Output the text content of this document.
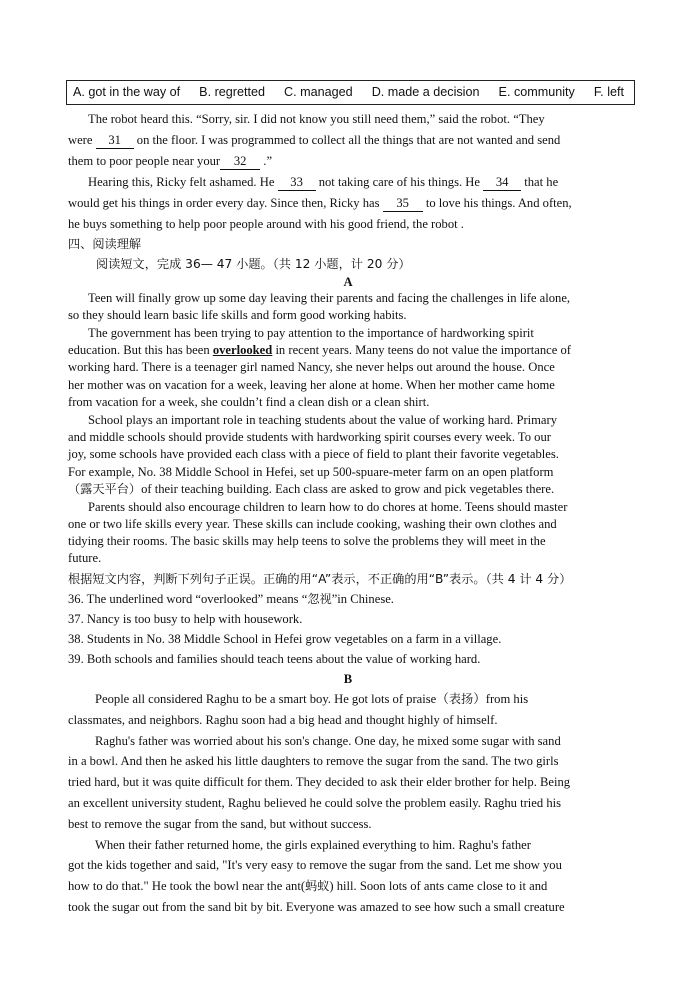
A. got in the way of B. regretted C. managed D. made a decision E. community F. left
The robot heard this. “Sorry, sir. I did not know you still need them,” said the robot. “They
were 31 on the floor. I was programmed to collect all the things that are not wanted and send
them to poor people near your 32 .”
Hearing this, Ricky felt ashamed. He 33 not taking care of his things. He 34 that he
would get his things in order every day. Since then, Ricky has 35 to love his things. And often,
he buys something to help poor people around with his good friend, the robot .
四、阅读理解
阅读短文，完成 36— 47 小题。（共 12 小题，计 20 分）
A
Teen will finally grow up some day leaving their parents and facing the challenges in life alone,
so they should learn basic life skills and form good working habits.
The government has been trying to pay attention to the importance of hardworking spirit
education. But this has been overlooked in recent years. Many teens do not value the importance of
working hard. There is a teenager girl named Nancy, she never helps out around the house. Once
her mother was on vacation for a week, leaving her alone at home. When her mother came home
from vacation for a week, she couldn’t find a clean dish or a clean shirt.
School plays an important role in teaching students about the value of working hard. Primary
and middle schools should provide students with hardworking spirit courses every week. To our
joy, some schools have provided each class with a piece of field to plant their favorite vegetables.
For example, No. 38 Middle School in Hefei, set up 500-spuare-meter farm on an open platform
（露天平台）of their teaching building. Each class are asked to grow and pick vegetables there.
Parents should also encourage children to learn how to do chores at home. Teens should master
one or two life skills every year. These skills can include cooking, washing their own clothes and
tidying their rooms. The basic skills may help teens to solve the problems they will meet in the
future.
根据短文内容，判断下列句子正误。正确的用“A”表示，不正确的用“B”表示。（共 4 计 4 分）
36. The underlined word “overlooked” means “忽视”in Chinese.
37. Nancy is too busy to help with housework.
38. Students in No. 38 Middle School in Hefei grow vegetables on a farm in a village.
39. Both schools and families should teach teens about the value of working hard.
B
People all considered Raghu to be a smart boy. He got lots of praise（表扬）from his
classmates, and neighbors. Raghu soon had a big head and thought highly of himself.
Raghu's father was worried about his son's change. One day, he mixed some sugar with sand
in a bowl. And then he asked his little daughters to remove the sugar from the sand. The two girls
tried hard, but it was quite difficult for them. They decided to ask their elder brother for help. Being
an excellent university student, Raghu believed he could solve the problem easily. Raghu tried his
best to remove the sugar from the sand, but without success.
When their father returned home, the girls explained everything to him. Raghu's father
got the kids together and said, "It's very easy to remove the sugar from the sand. Let me show you
how to do that." He took the bowl near the ant(蚂蚁) hill. Soon lots of ants came close to it and
took the sugar out from the sand bit by bit. Everyone was amazed to see how such a small creature
